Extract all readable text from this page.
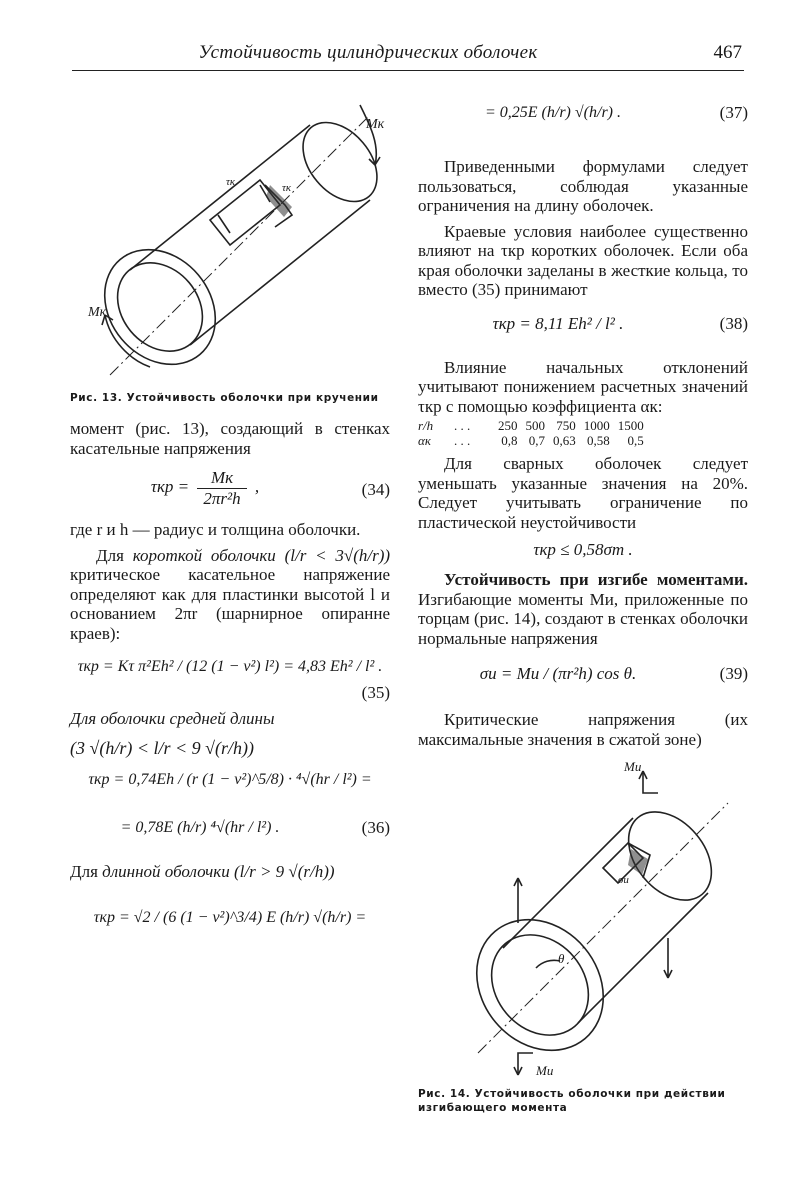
Устойчивость цилиндрических оболочек	467
Mк
Mк
τк	τк

Рис. 13. Устойчивость оболочки при кручении

момент (рис. 13), создающий в стенках касательные напряжения

τкр =	Mк
2πr²h
,	(34)

где r и h — радиус и толщина оболочки.

Для короткой оболочки (l/r < 3√(h/r)) критическое касательное напряжение определяют как для пластинки высотой l и основанием 2πr (шарнирное опиранне краев):

τкр = Kτ π²Eh² / (12 (1 − ν²) l²) = 4,83 Eh² / l² .
(35)

Для оболочки средней длины

(3 √(h/r) < l/r < 9 √(r/h))

τкр = 0,74Eh / (r (1 − ν²)^5/8) · ⁴√(hr / l²) =
= 0,78E (h/r) ⁴√(hr / l²) .	(36)

Для длинной оболочки (l/r > 9 √(r/h))

τкр = √2 / (6 (1 − ν²)^3/4) E (h/r) √(h/r) =
= 0,25E (h/r) √(h/r) .	(37)

Приведенными формулами следует пользоваться, соблюдая указанные ограничения на длину оболочек.

Краевые условия наиболее существенно влияют на τкр коротких оболочек. Если оба края оболочки заделаны в жесткие кольца, то вместо (35) принимают

τкр = 8,11 Eh² / l² .	(38)

Влияние начальных отклонений учитывают понижением расчетных значений τкр с помощью коэффициента αк:

r/h	. . .	250	500	750	1000	1500
αк	. . .	0,8	0,7	0,63	0,58	0,5

Для сварных оболочек следует уменьшать указанные значения на 20%. Следует учитывать ограничение по пластической неустойчивости

τкр ≤ 0,58σт .

Устойчивость при изгибе моментами. Изгибающие моменты Mи, приложенные по торцам (рис. 14), создают в стенках оболочки нормальные напряжения

σи = Mи / (πr²h) cos θ.	(39)

Критические напряжения (их максимальные значения в сжатой зоне)

Mи
Mи
σи
θ

Рис. 14. Устойчивость оболочки при действии изгибающего момента
